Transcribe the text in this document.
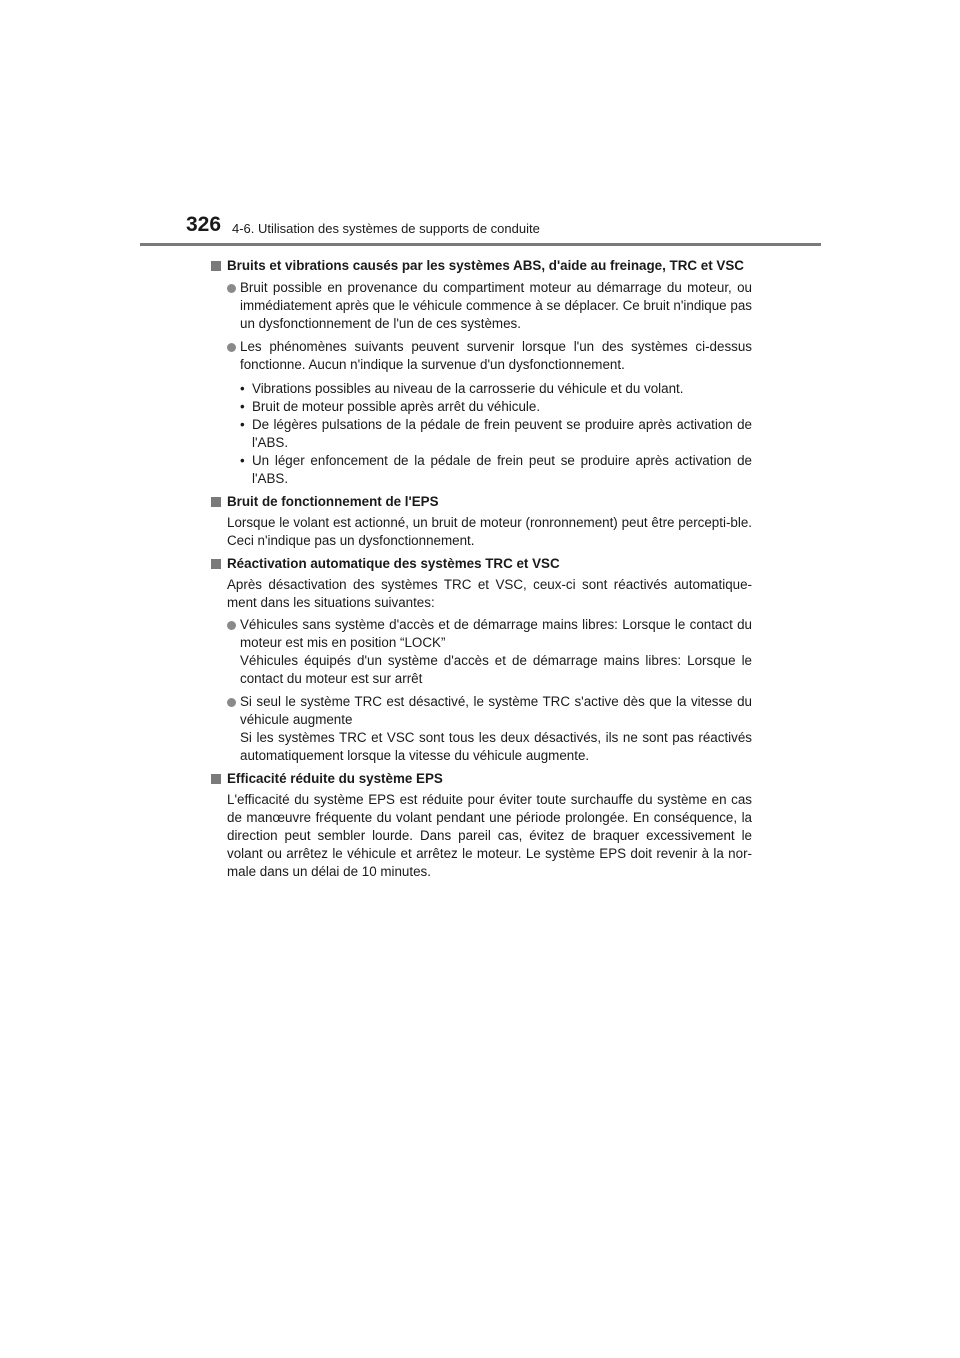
326 4-6. Utilisation des systèmes de supports de conduite
Bruits et vibrations causés par les systèmes ABS, d'aide au freinage, TRC et VSC
Bruit possible en provenance du compartiment moteur au démarrage du moteur, ou immédiatement après que le véhicule commence à se déplacer. Ce bruit n'indique pas un dysfonctionnement de l'un de ces systèmes.
Les phénomènes suivants peuvent survenir lorsque l'un des systèmes ci-dessus fonctionne. Aucun n'indique la survenue d'un dysfonctionnement.
• Vibrations possibles au niveau de la carrosserie du véhicule et du volant.
• Bruit de moteur possible après arrêt du véhicule.
• De légères pulsations de la pédale de frein peuvent se produire après activation de l'ABS.
• Un léger enfoncement de la pédale de frein peut se produire après activation de l'ABS.
Bruit de fonctionnement de l'EPS
Lorsque le volant est actionné, un bruit de moteur (ronronnement) peut être percepti-ble. Ceci n'indique pas un dysfonctionnement.
Réactivation automatique des systèmes TRC et VSC
Après désactivation des systèmes TRC et VSC, ceux-ci sont réactivés automatique-ment dans les situations suivantes:
Véhicules sans système d'accès et de démarrage mains libres: Lorsque le contact du moteur est mis en position “LOCK”
Véhicules équipés d'un système d'accès et de démarrage mains libres: Lorsque le contact du moteur est sur arrêt
Si seul le système TRC est désactivé, le système TRC s'active dès que la vitesse du véhicule augmente
Si les systèmes TRC et VSC sont tous les deux désactivés, ils ne sont pas réactivés automatiquement lorsque la vitesse du véhicule augmente.
Efficacité réduite du système EPS
L'efficacité du système EPS est réduite pour éviter toute surchauffe du système en cas de manœuvre fréquente du volant pendant une période prolongée. En conséquence, la direction peut sembler lourde. Dans pareil cas, évitez de braquer excessivement le volant ou arrêtez le véhicule et arrêtez le moteur. Le système EPS doit revenir à la nor-male dans un délai de 10 minutes.
